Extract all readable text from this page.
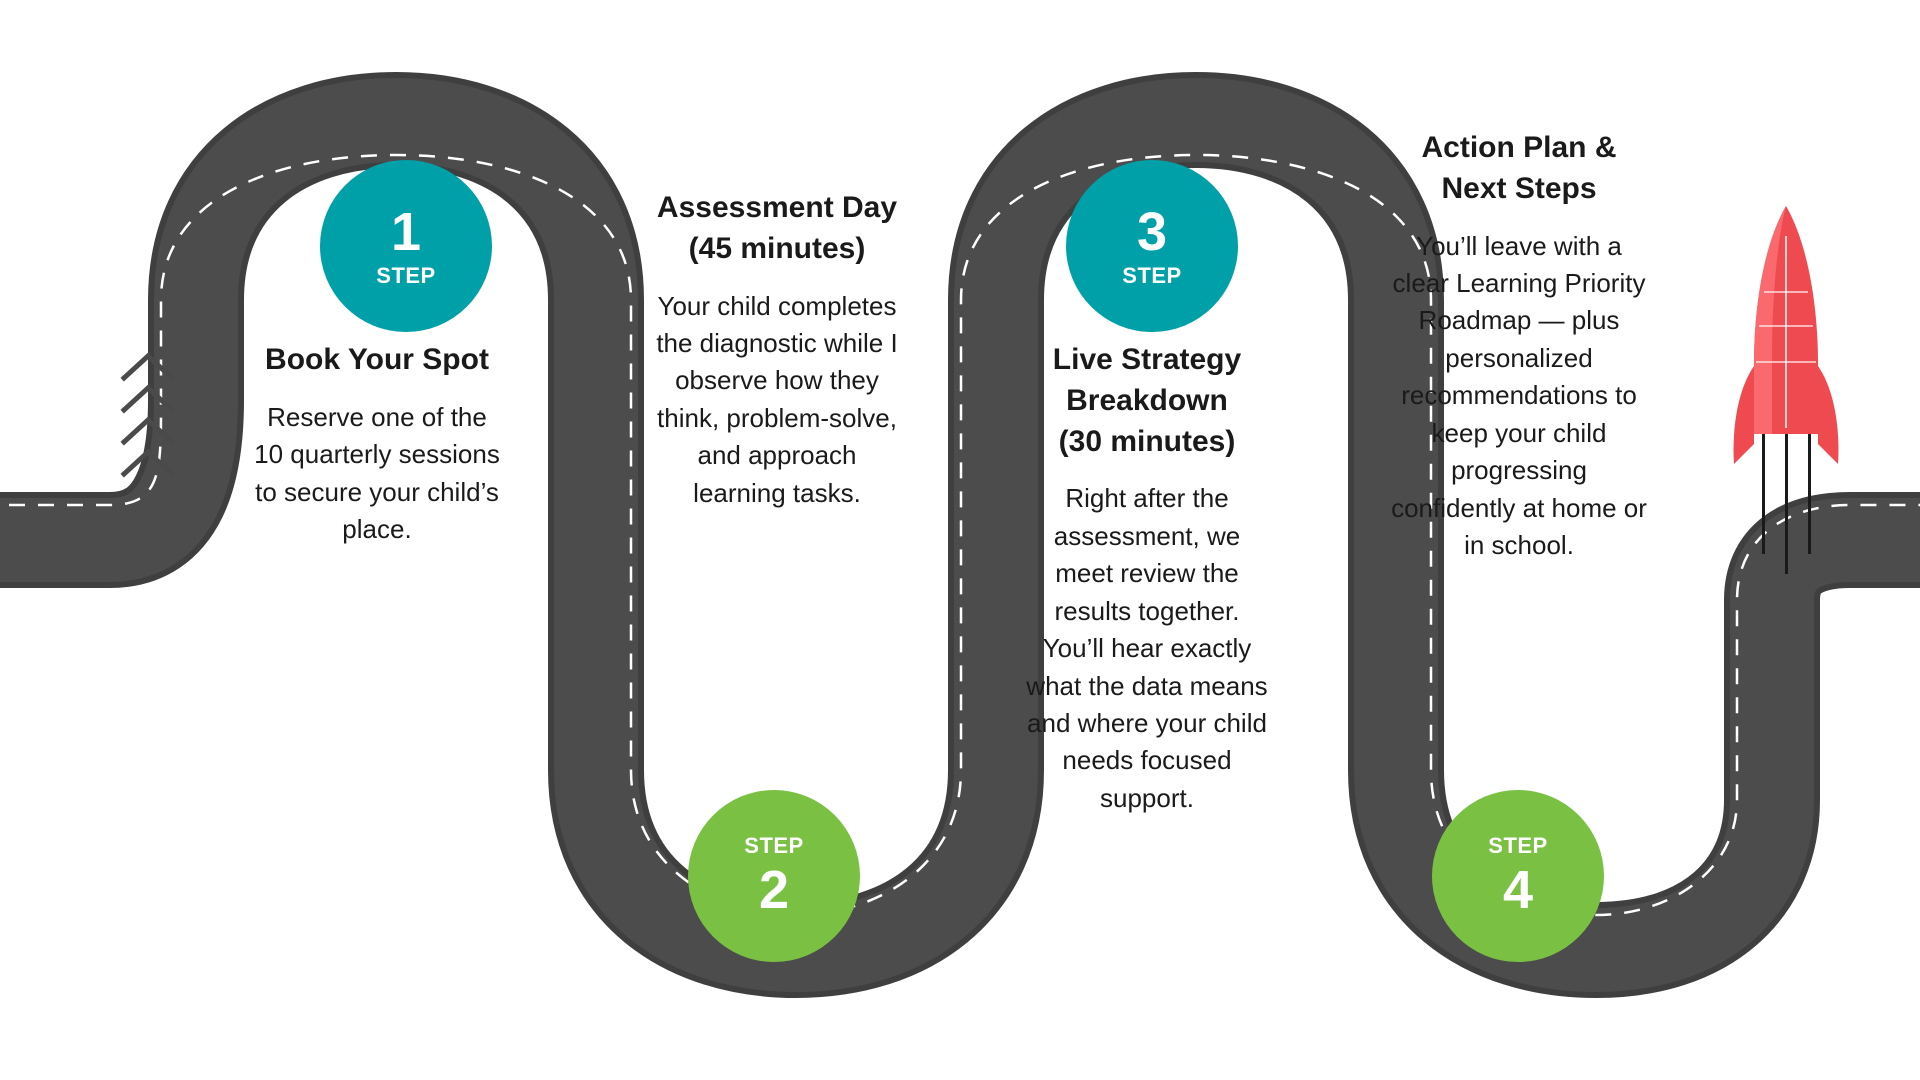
1
STEP
Book Your Spot

Reserve one of the 10 quarterly sessions to secure your child’s place.

Assessment Day
(45 minutes)

Your child completes the diagnostic while I observe how they think, problem-solve, and approach learning tasks.

STEP
2
3
STEP
Live Strategy Breakdown
(30 minutes)

Right after the assessment, we meet review the results together. You’ll hear exactly what the data means and where your child needs focused support.

Action Plan & Next Steps

You’ll leave with a clear Learning Priority Roadmap — plus personalized recommendations to keep your child progressing confidently at home or in school.

STEP
4
